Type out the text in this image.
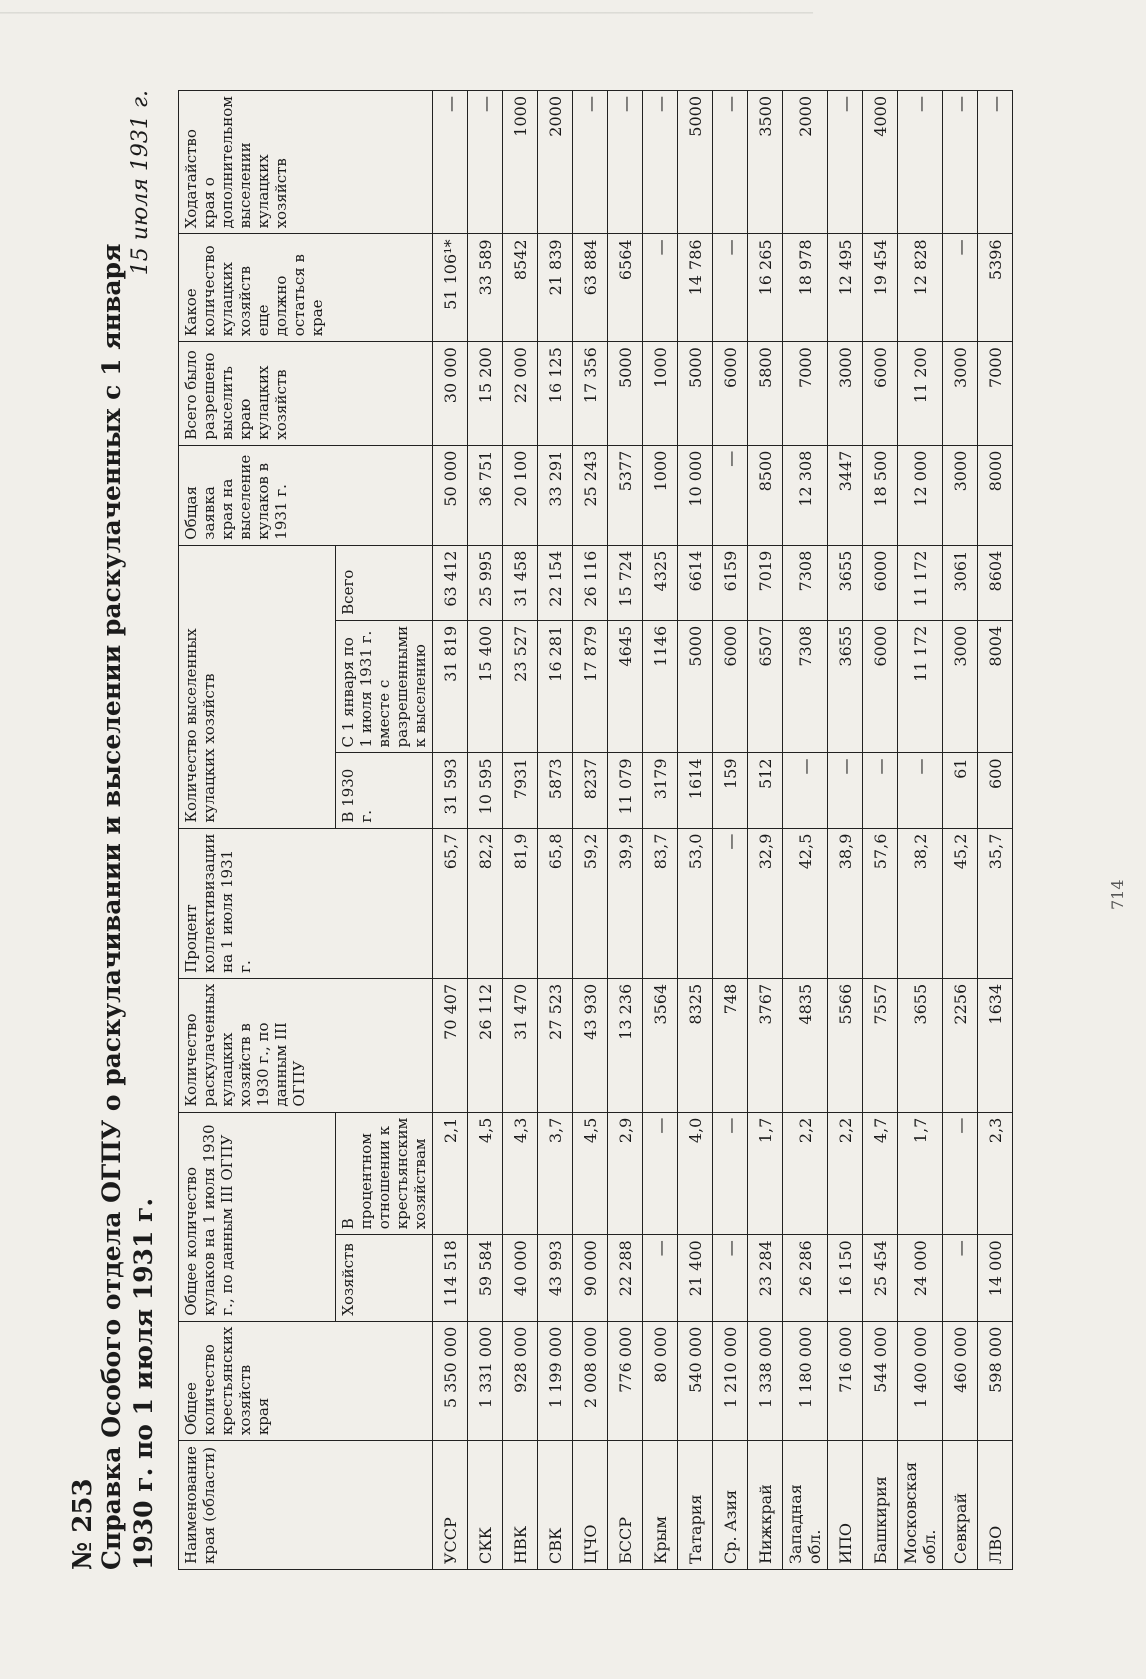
──────────────────────────────────────────────────────────────────────────────────────────
№ 253 Справка Особого отдела ОГПУ о раскулачивании и выселении раскулаченных с 1 января 1930 г. по 1 июля 1931 г.
15 июля 1931 г.
Наименование края (области)	Общее количество крестьянских хозяйств края	Общее количество кулаков на 1 июля 1930 г., по данным III ОГПУ		Количество раскулаченных кулацких хозяйств в 1930 г., по данным III ОГПУ	Процент коллективизации на 1 июля 1931 г.	Количество выселенных кулацких хозяйств			Общая заявка края на выселение кулаков в 1931 г.	Всего было разрешено выселить краю кулацких хозяйств	Какое количество кулацких хозяйств еще должно остаться в крае	Ходатайство края о дополнительном выселении кулацких хозяйств
		Хозяйств	В процентном отношении к крестьянским хозяйствам			В 1930 г.	С 1 января по 1 июля 1931 г. вместе с разрешенными к выселению	Всего				
УССР	5 350 000	114 518	2,1	70 407	65,7	31 593	31 819	63 412	50 000	30 000	51 106¹*	—
СКК	1 331 000	59 584	4,5	26 112	82,2	10 595	15 400	25 995	36 751	15 200	33 589	—
НВК	928 000	40 000	4,3	31 470	81,9	7931	23 527	31 458	20 100	22 000	8542	1000
СВК	1 199 000	43 993	3,7	27 523	65,8	5873	16 281	22 154	33 291	16 125	21 839	2000
ЦЧО	2 008 000	90 000	4,5	43 930	59,2	8237	17 879	26 116	25 243	17 356	63 884	—
БССР	776 000	22 288	2,9	13 236	39,9	11 079	4645	15 724	5377	5000	6564	—
Крым	80 000	—	—	3564	83,7	3179	1146	4325	1000	1000	—	—
Татария	540 000	21 400	4,0	8325	53,0	1614	5000	6614	10 000	5000	14 786	5000
Ср. Азия	1 210 000	—	—	748	—	159	6000	6159	—	6000	—	—
Нижкрай	1 338 000	23 284	1,7	3767	32,9	512	6507	7019	8500	5800	16 265	3500
Западная обл.	1 180 000	26 286	2,2	4835	42,5	—	7308	7308	12 308	7000	18 978	2000
ИПО	716 000	16 150	2,2	5566	38,9	—	3655	3655	3447	3000	12 495	—
Башкирия	544 000	25 454	4,7	7557	57,6	—	6000	6000	18 500	6000	19 454	4000
Московская обл.	1 400 000	24 000	1,7	3655	38,2	—	11 172	11 172	12 000	11 200	12 828	—
Севкрай	460 000	—	—	2256	45,2	61	3000	3061	3000	3000	—	—
ЛВО	598 000	14 000	2,3	1634	35,7	600	8004	8604	8000	7000	5396	—
714
